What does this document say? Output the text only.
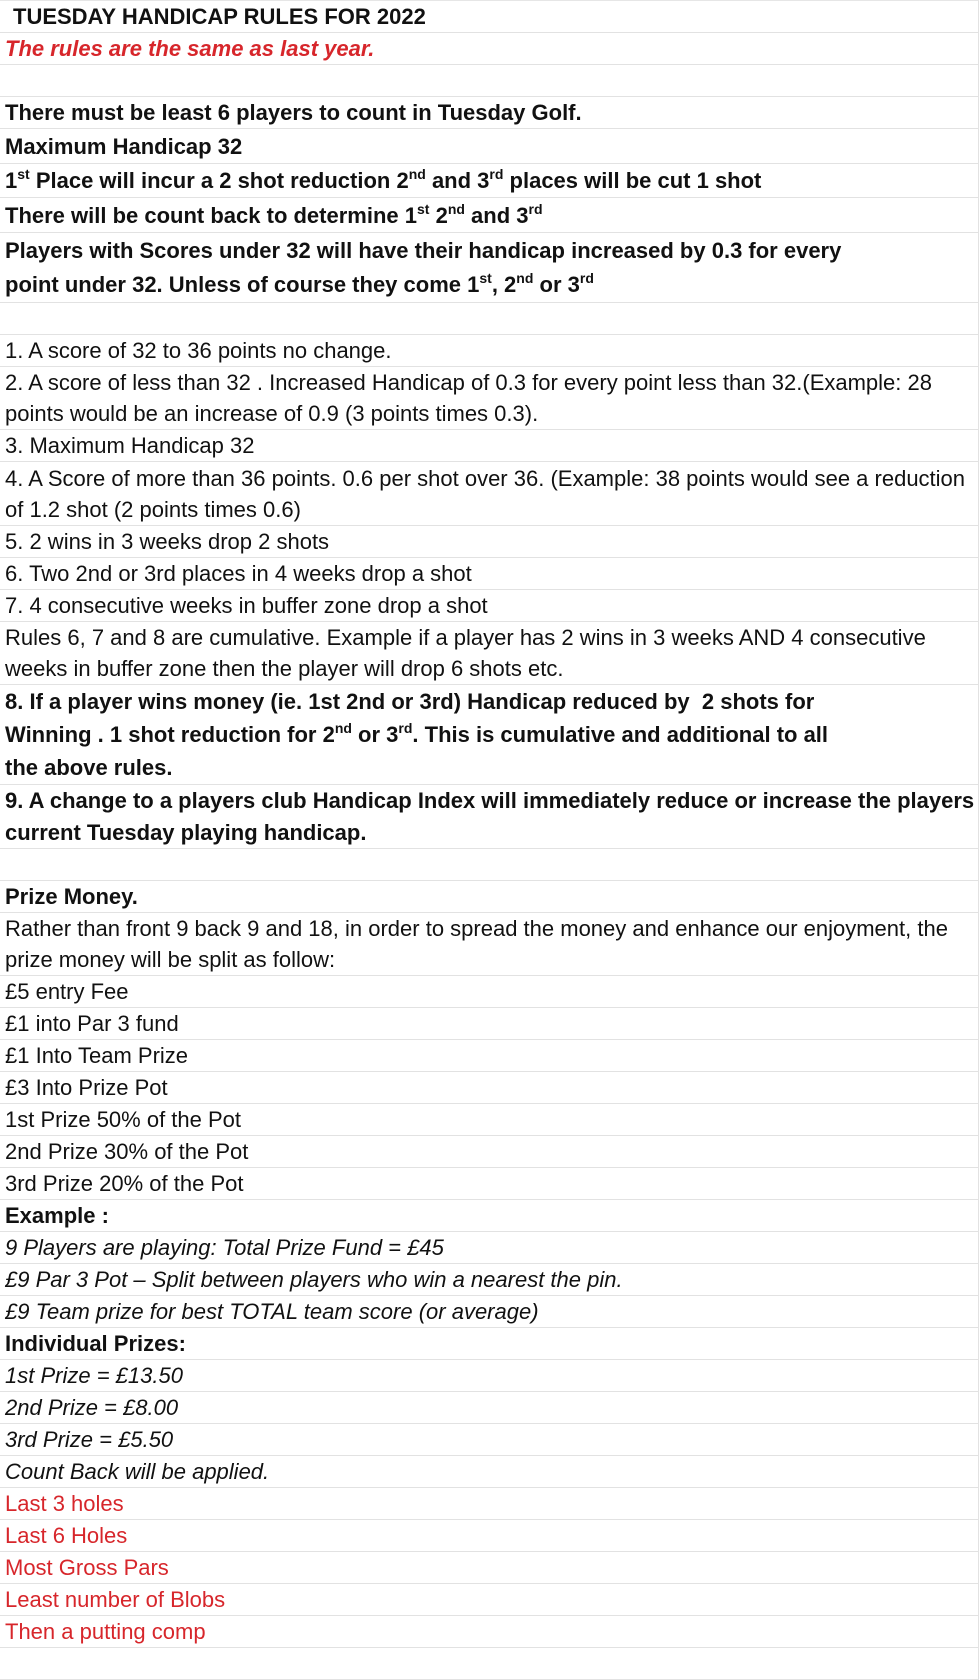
TUESDAY HANDICAP RULES FOR 2022
The rules are the same as last year.
There must be least 6 players to count in Tuesday Golf.
Maximum Handicap 32
1st Place will incur a 2 shot reduction 2nd and 3rd places will be cut 1 shot
There will be count back to determine 1st 2nd and 3rd
Players with Scores under 32 will have their handicap increased by 0.3 for every
point under 32. Unless of course they come 1st, 2nd or 3rd
1. A score of 32 to 36 points no change.
2. A score of less than 32 . Increased Handicap of 0.3 for every point less than 32.(Example: 28 points would be an increase of 0.9 (3 points times 0.3).
3. Maximum Handicap 32
4. A Score of more than 36 points. 0.6 per shot over 36. (Example: 38 points would see a reduction of 1.2 shot (2 points times 0.6)
5. 2 wins in 3 weeks drop 2 shots
6. Two 2nd or 3rd places in 4 weeks drop a shot
7. 4 consecutive weeks in buffer zone drop a shot
Rules 6, 7 and 8 are cumulative. Example if a player has 2 wins in 3 weeks AND 4 consecutive weeks in buffer zone then the player will drop 6 shots etc.
8. If a player wins money (ie. 1st 2nd or 3rd) Handicap reduced by  2 shots for
Winning . 1 shot reduction for 2nd or 3rd. This is cumulative and additional to all
the above rules.
9. A change to a players club Handicap Index will immediately reduce or increase the players current Tuesday playing handicap.
Prize Money.
Rather than front 9 back 9 and 18, in order to spread the money and enhance our enjoyment, the prize money will be split as follow:
£5 entry Fee
£1 into Par 3 fund
£1 Into Team Prize
£3 Into Prize Pot
1st Prize 50% of the Pot
2nd Prize 30% of the Pot
3rd Prize 20% of the Pot
Example :
9 Players are playing: Total Prize Fund = £45
£9 Par 3 Pot – Split between players who win a nearest the pin.
£9 Team prize for best TOTAL team score (or average)
Individual Prizes:
1st Prize = £13.50
2nd Prize = £8.00
3rd Prize = £5.50
Count Back will be applied.
Last 3 holes
Last 6 Holes
Most Gross Pars
Least number of Blobs
Then a putting comp
